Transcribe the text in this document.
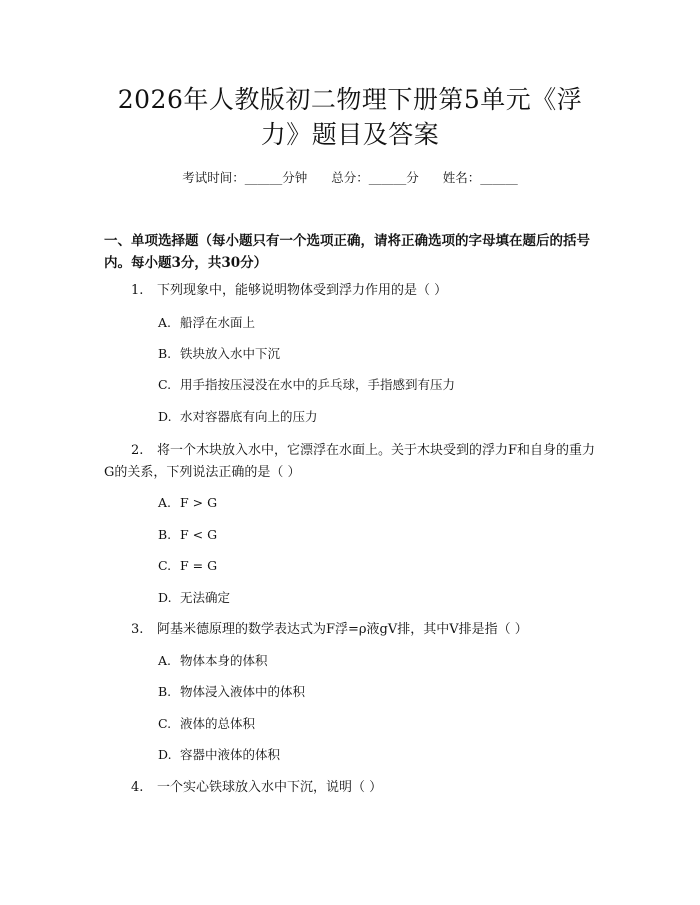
2026年人教版初二物理下册第5单元《浮力》题目及答案
考试时间：______分钟 总分：______分 姓名：______
一、单项选择题（每小题只有一个选项正确，请将正确选项的字母填在题后的括号内。每小题3分，共30分）
1. 下列现象中，能够说明物体受到浮力作用的是（ ）
A. 船浮在水面上
B. 铁块放入水中下沉
C. 用手指按压浸没在水中的乒乓球，手指感到有压力
D. 水对容器底有向上的压力
2. 将一个木块放入水中，它漂浮在水面上。关于木块受到的浮力F和自身的重力G的关系，下列说法正确的是（ ）
A. F > G
B. F < G
C. F = G
D. 无法确定
3. 阿基米德原理的数学表达式为F浮=ρ液gV排，其中V排是指（ ）
A. 物体本身的体积
B. 物体浸入液体中的体积
C. 液体的总体积
D. 容器中液体的体积
4. 一个实心铁球放入水中下沉，说明（ ）
